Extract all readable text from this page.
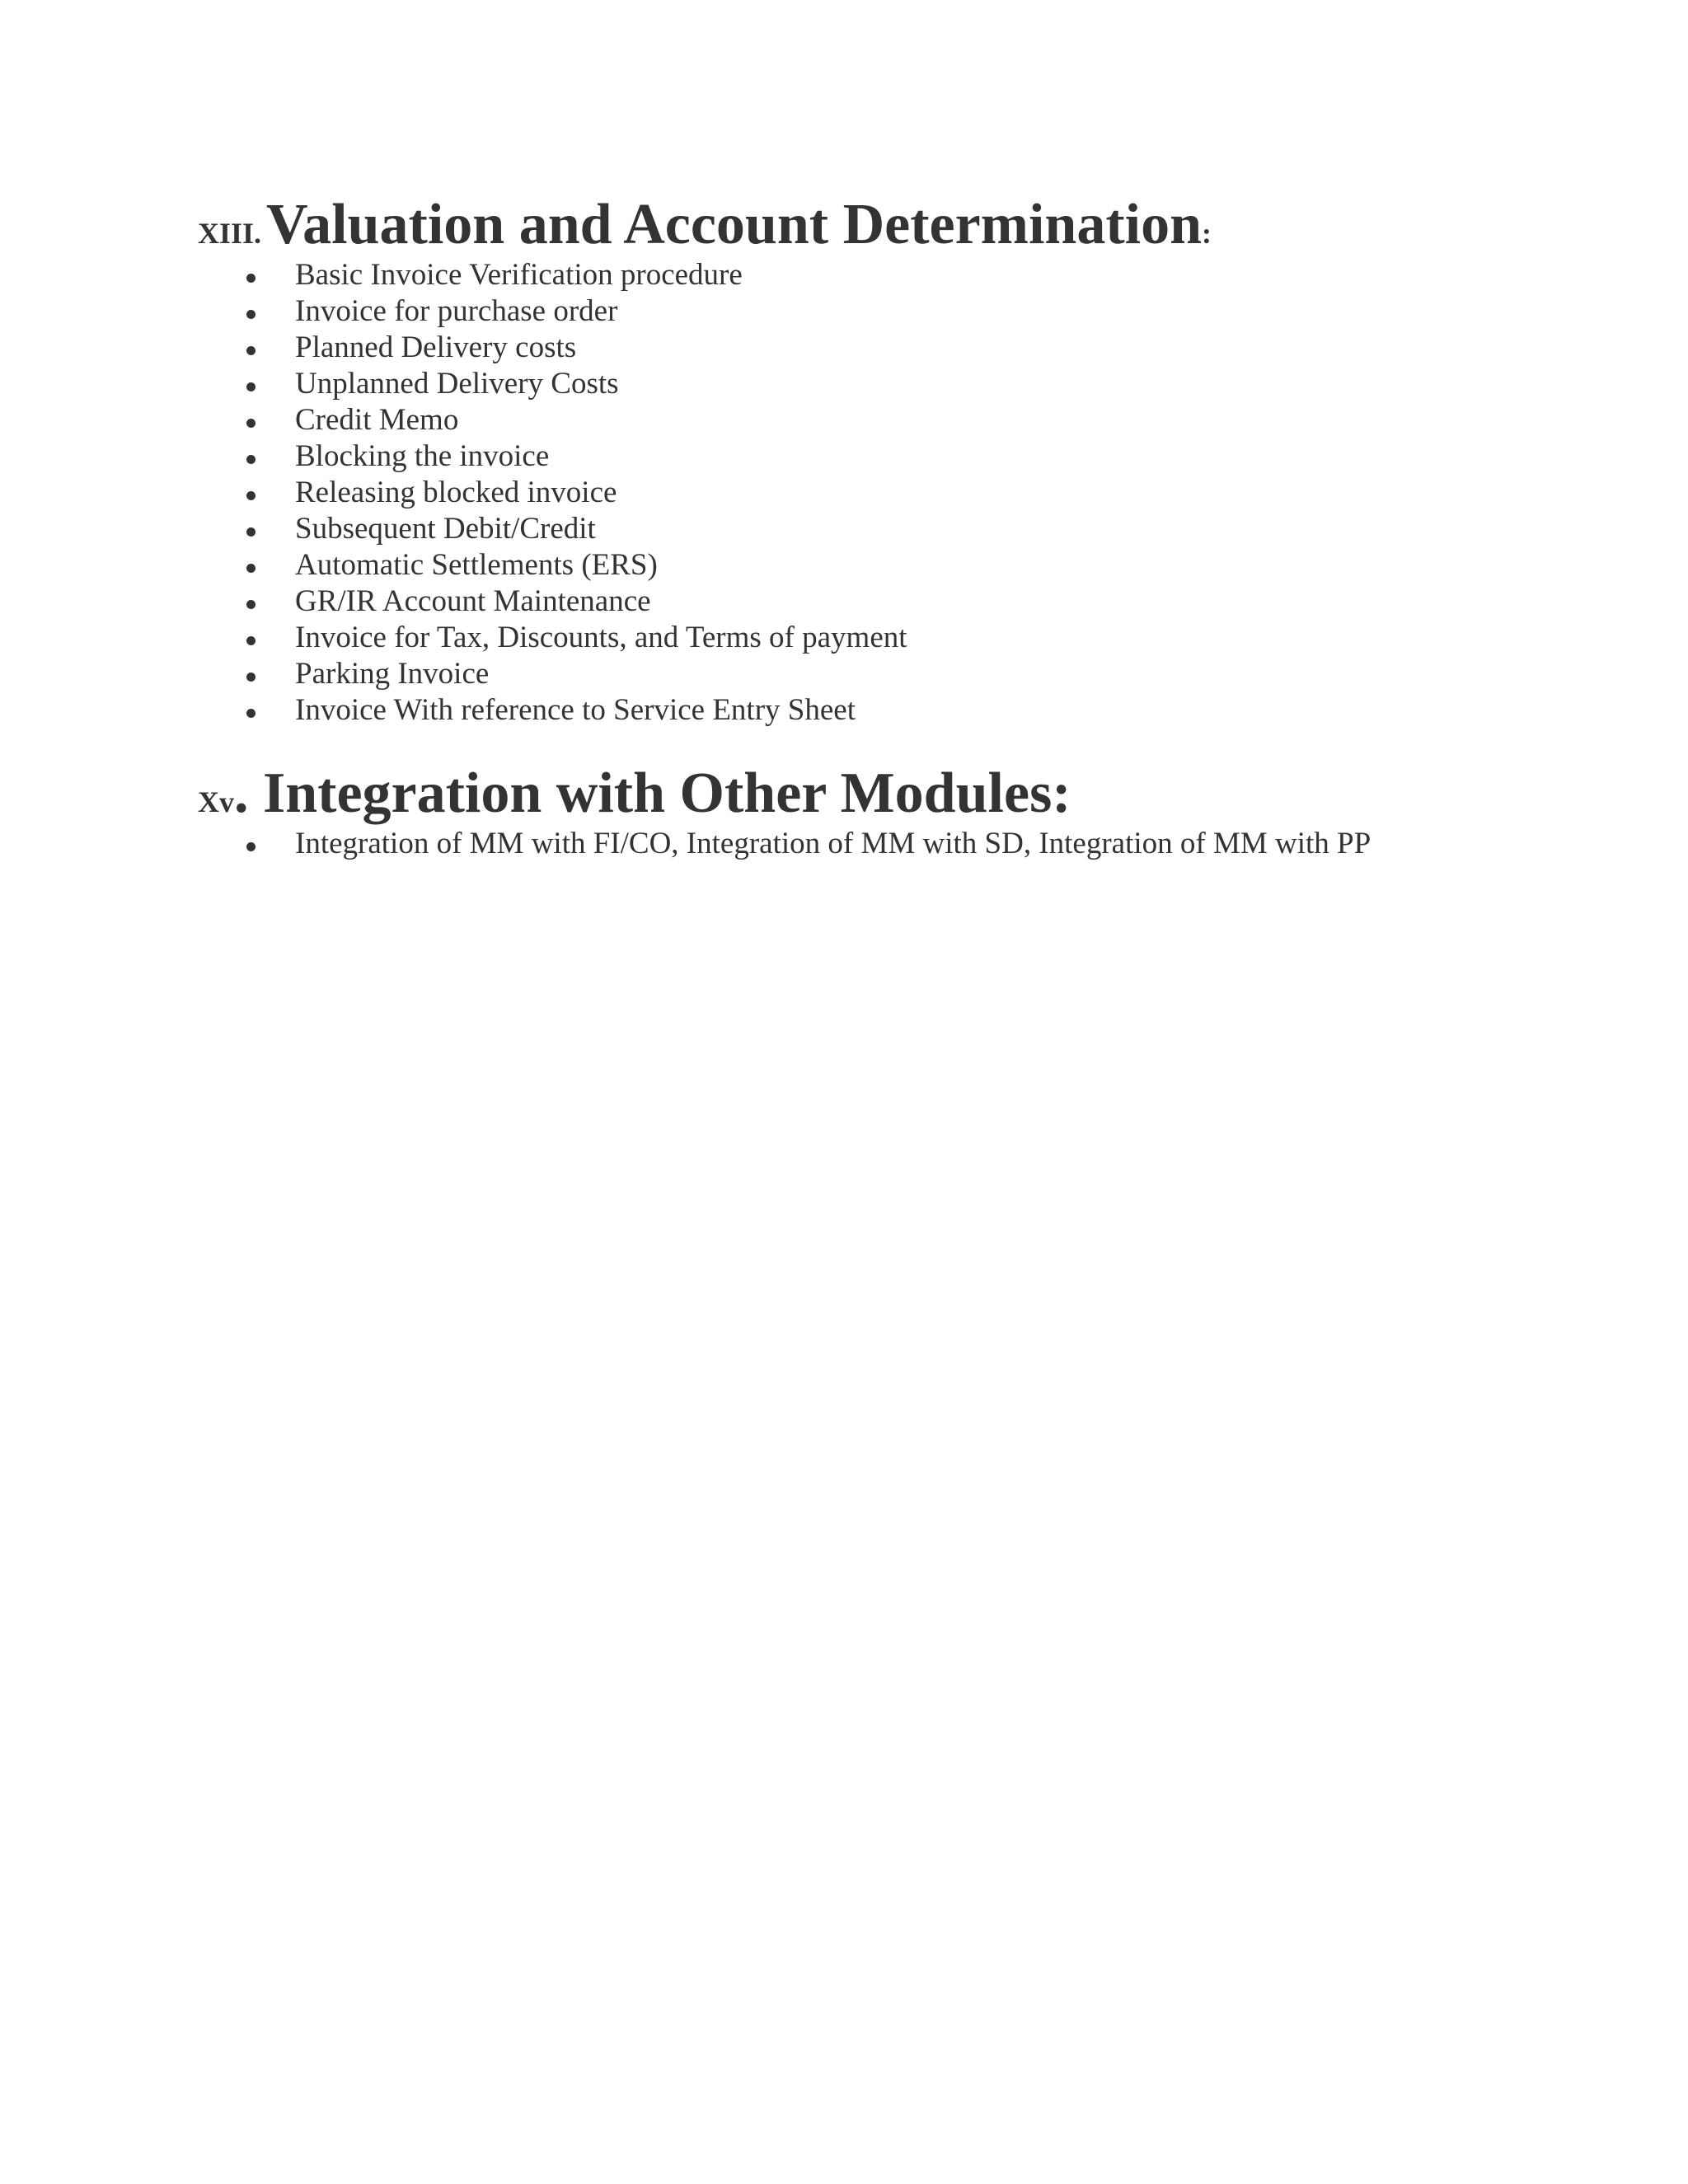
XIII. Valuation and Account Determination:
Basic Invoice Verification procedure
Invoice for purchase order
Planned Delivery costs
Unplanned Delivery Costs
Credit Memo
Blocking the invoice
Releasing blocked invoice
Subsequent Debit/Credit
Automatic Settlements (ERS)
GR/IR Account Maintenance
Invoice for Tax, Discounts, and Terms of payment
Parking Invoice
Invoice With reference to Service Entry Sheet
Xv. Integration with Other Modules:
Integration of MM with FI/CO, Integration of MM with SD, Integration of MM with PP
